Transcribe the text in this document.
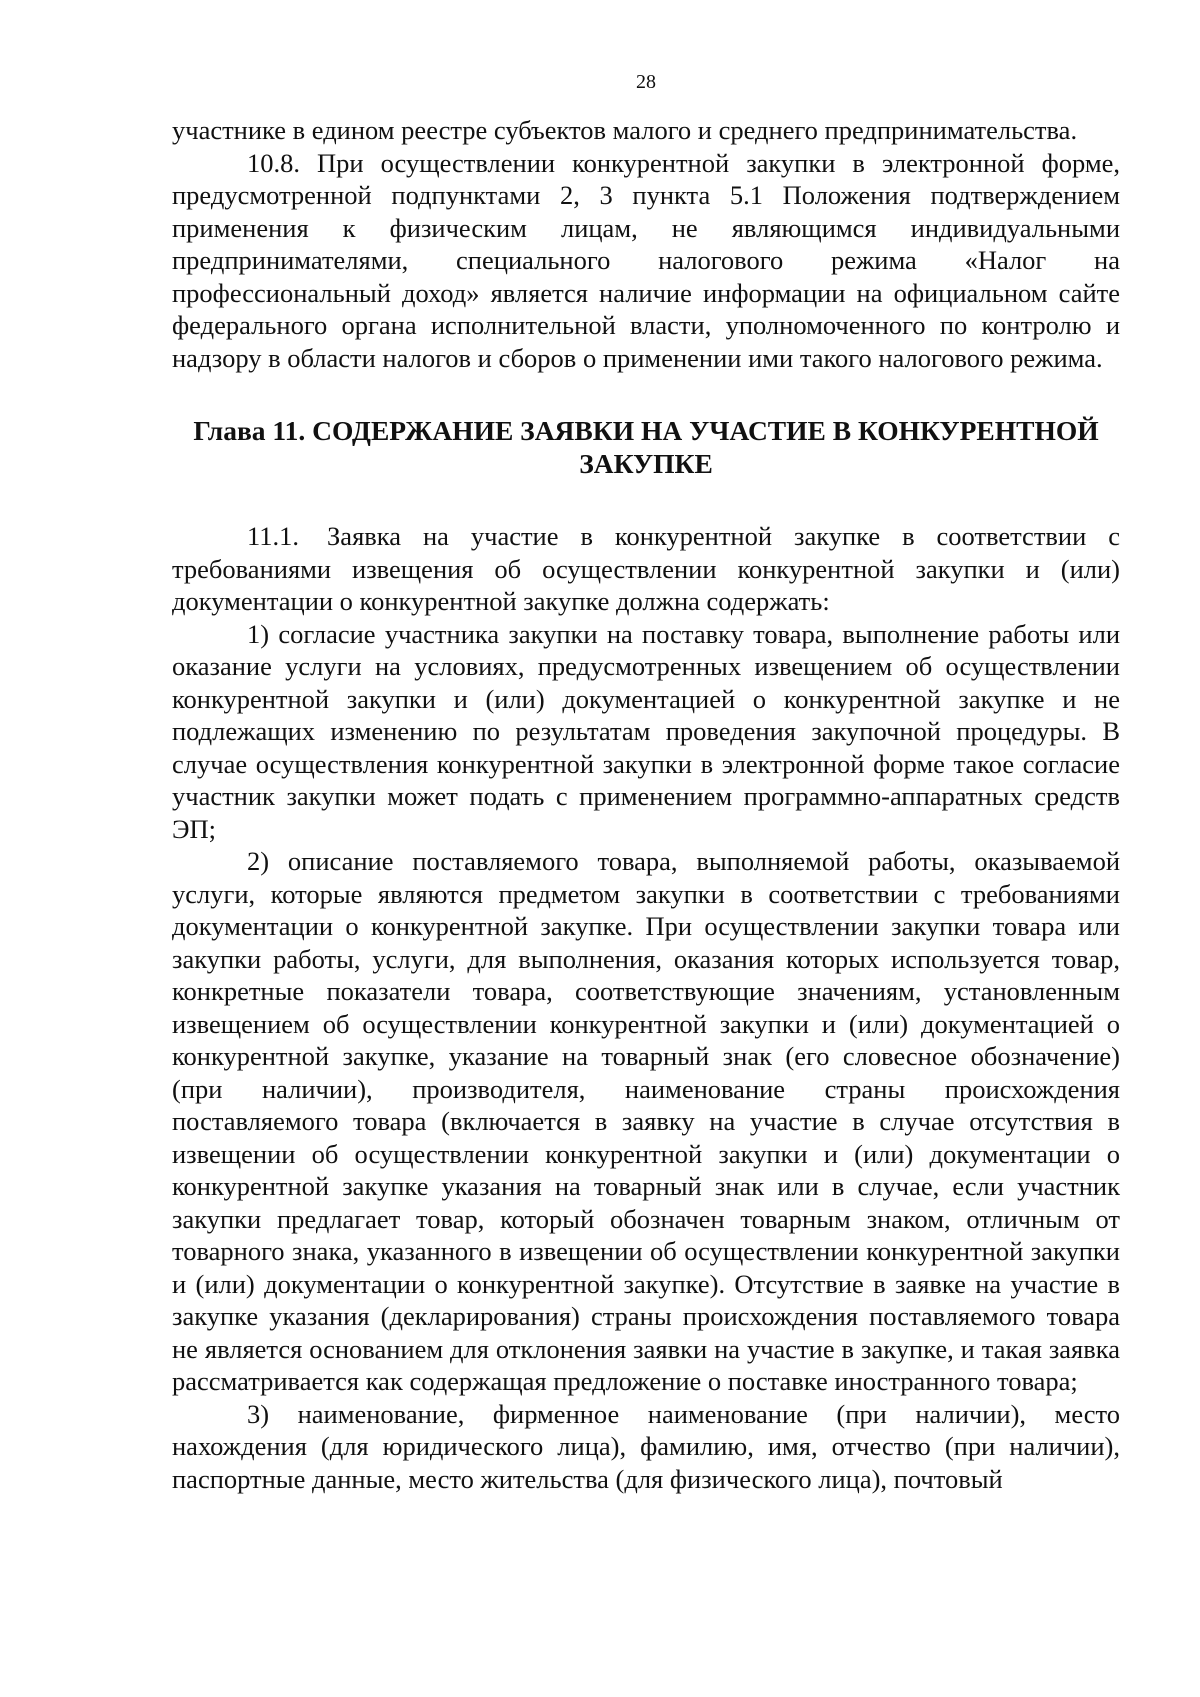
28

участнике в едином реестре субъектов малого и среднего предпринимательства.

10.8. При осуществлении конкурентной закупки в электронной форме, предусмотренной подпунктами 2, 3 пункта 5.1 Положения подтверждением применения к физическим лицам, не являющимся индивидуальными предпринимателями, специального налогового режима «Налог на профессиональный доход» является наличие информации на официальном сайте федерального органа исполнительной власти, уполномоченного по контролю и надзору в области налогов и сборов о применении ими такого налогового режима.

Глава 11. СОДЕРЖАНИЕ ЗАЯВКИ НА УЧАСТИЕ В КОНКУРЕНТНОЙ
ЗАКУПКЕ

11.1. Заявка на участие в конкурентной закупке в соответствии с требованиями извещения об осуществлении конкурентной закупки и (или) документации о конкурентной закупке должна содержать:

1) согласие участника закупки на поставку товара, выполнение работы или оказание услуги на условиях, предусмотренных извещением об осуществлении конкурентной закупки и (или) документацией о конкурентной закупке и не подлежащих изменению по результатам проведения закупочной процедуры. В случае осуществления конкурентной закупки в электронной форме такое согласие участник закупки может подать с применением программно-аппаратных средств ЭП;

2) описание поставляемого товара, выполняемой работы, оказываемой услуги, которые являются предметом закупки в соответствии с требованиями документации о конкурентной закупке. При осуществлении закупки товара или закупки работы, услуги, для выполнения, оказания которых используется товар, конкретные показатели товара, соответствующие значениям, установленным извещением об осуществлении конкурентной закупки и (или) документацией о конкурентной закупке, указание на товарный знак (его словесное обозначение) (при наличии), производителя, наименование страны происхождения поставляемого товара (включается в заявку на участие в случае отсутствия в извещении об осуществлении конкурентной закупки и (или) документации о конкурентной закупке указания на товарный знак или в случае, если участник закупки предлагает товар, который обозначен товарным знаком, отличным от товарного знака, указанного в извещении об осуществлении конкурентной закупки и (или) документации о конкурентной закупке). Отсутствие в заявке на участие в закупке указания (декларирования) страны происхождения поставляемого товара не является основанием для отклонения заявки на участие в закупке, и такая заявка рассматривается как содержащая предложение о поставке иностранного товара;

3) наименование, фирменное наименование (при наличии), место нахождения (для юридического лица), фамилию, имя, отчество (при наличии), паспортные данные, место жительства (для физического лица), почтовый
